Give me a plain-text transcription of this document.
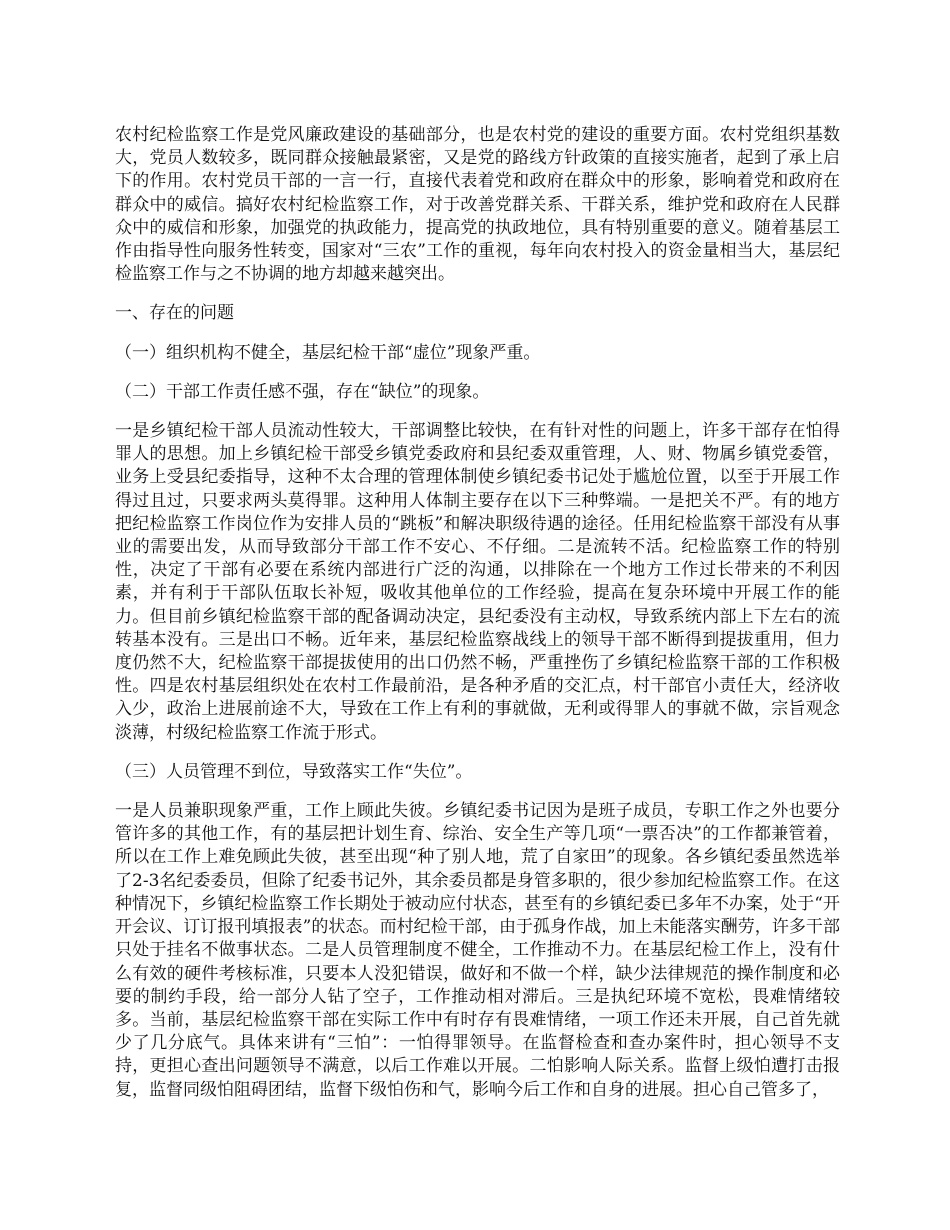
农村纪检监察工作是党风廉政建设的基础部分，也是农村党的建设的重要方面。农村党组织基数大，党员人数较多，既同群众接触最紧密，又是党的路线方针政策的直接实施者，起到了承上启下的作用。农村党员干部的一言一行，直接代表着党和政府在群众中的形象，影响着党和政府在群众中的威信。搞好农村纪检监察工作，对于改善党群关系、干群关系，维护党和政府在人民群众中的威信和形象，加强党的执政能力，提高党的执政地位，具有特别重要的意义。随着基层工作由指导性向服务性转变，国家对“三农”工作的重视，每年向农村投入的资金量相当大，基层纪检监察工作与之不协调的地方却越来越突出。

一、存在的问题

（一）组织机构不健全，基层纪检干部“虚位”现象严重。

（二）干部工作责任感不强，存在“缺位”的现象。

一是乡镇纪检干部人员流动性较大，干部调整比较快，在有针对性的问题上，许多干部存在怕得罪人的思想。加上乡镇纪检干部受乡镇党委政府和县纪委双重管理，人、财、物属乡镇党委管，业务上受县纪委指导，这种不太合理的管理体制使乡镇纪委书记处于尴尬位置，以至于开展工作得过且过，只要求两头莫得罪。这种用人体制主要存在以下三种弊端。一是把关不严。有的地方把纪检监察工作岗位作为安排人员的“跳板”和解决职级待遇的途径。任用纪检监察干部没有从事业的需要出发，从而导致部分干部工作不安心、不仔细。二是流转不活。纪检监察工作的特别性，决定了干部有必要在系统内部进行广泛的沟通，以排除在一个地方工作过长带来的不利因素，并有利于干部队伍取长补短，吸收其他单位的工作经验，提高在复杂环境中开展工作的能力。但目前乡镇纪检监察干部的配备调动决定，县纪委没有主动权，导致系统内部上下左右的流转基本没有。三是出口不畅。近年来，基层纪检监察战线上的领导干部不断得到提拔重用，但力度仍然不大，纪检监察干部提拔使用的出口仍然不畅，严重挫伤了乡镇纪检监察干部的工作积极性。四是农村基层组织处在农村工作最前沿，是各种矛盾的交汇点，村干部官小责任大，经济收入少，政治上进展前途不大，导致在工作上有利的事就做，无利或得罪人的事就不做，宗旨观念淡薄，村级纪检监察工作流于形式。

（三）人员管理不到位，导致落实工作“失位”。

一是人员兼职现象严重，工作上顾此失彼。乡镇纪委书记因为是班子成员，专职工作之外也要分管许多的其他工作，有的基层把计划生育、综治、安全生产等几项“一票否决”的工作都兼管着，所以在工作上难免顾此失彼，甚至出现“种了别人地，荒了自家田”的现象。各乡镇纪委虽然选举了2-3名纪委委员，但除了纪委书记外，其余委员都是身管多职的，很少参加纪检监察工作。在这种情况下，乡镇纪检监察工作长期处于被动应付状态，甚至有的乡镇纪委已多年不办案，处于“开开会议、订订报刊填报表”的状态。而村纪检干部，由于孤身作战，加上未能落实酬劳，许多干部只处于挂名不做事状态。二是人员管理制度不健全，工作推动不力。在基层纪检工作上，没有什么有效的硬件考核标准，只要本人没犯错误，做好和不做一个样，缺少法律规范的操作制度和必要的制约手段，给一部分人钻了空子，工作推动相对滞后。三是执纪环境不宽松，畏难情绪较多。当前，基层纪检监察干部在实际工作中有时存有畏难情绪，一项工作还未开展，自己首先就少了几分底气。具体来讲有“三怕”：一怕得罪领导。在监督检查和查办案件时，担心领导不支持，更担心查出问题领导不满意，以后工作难以开展。二怕影响人际关系。监督上级怕遭打击报复，监督同级怕阻碍团结，监督下级怕伤和气，影响今后工作和自身的进展。担心自己管多了，
